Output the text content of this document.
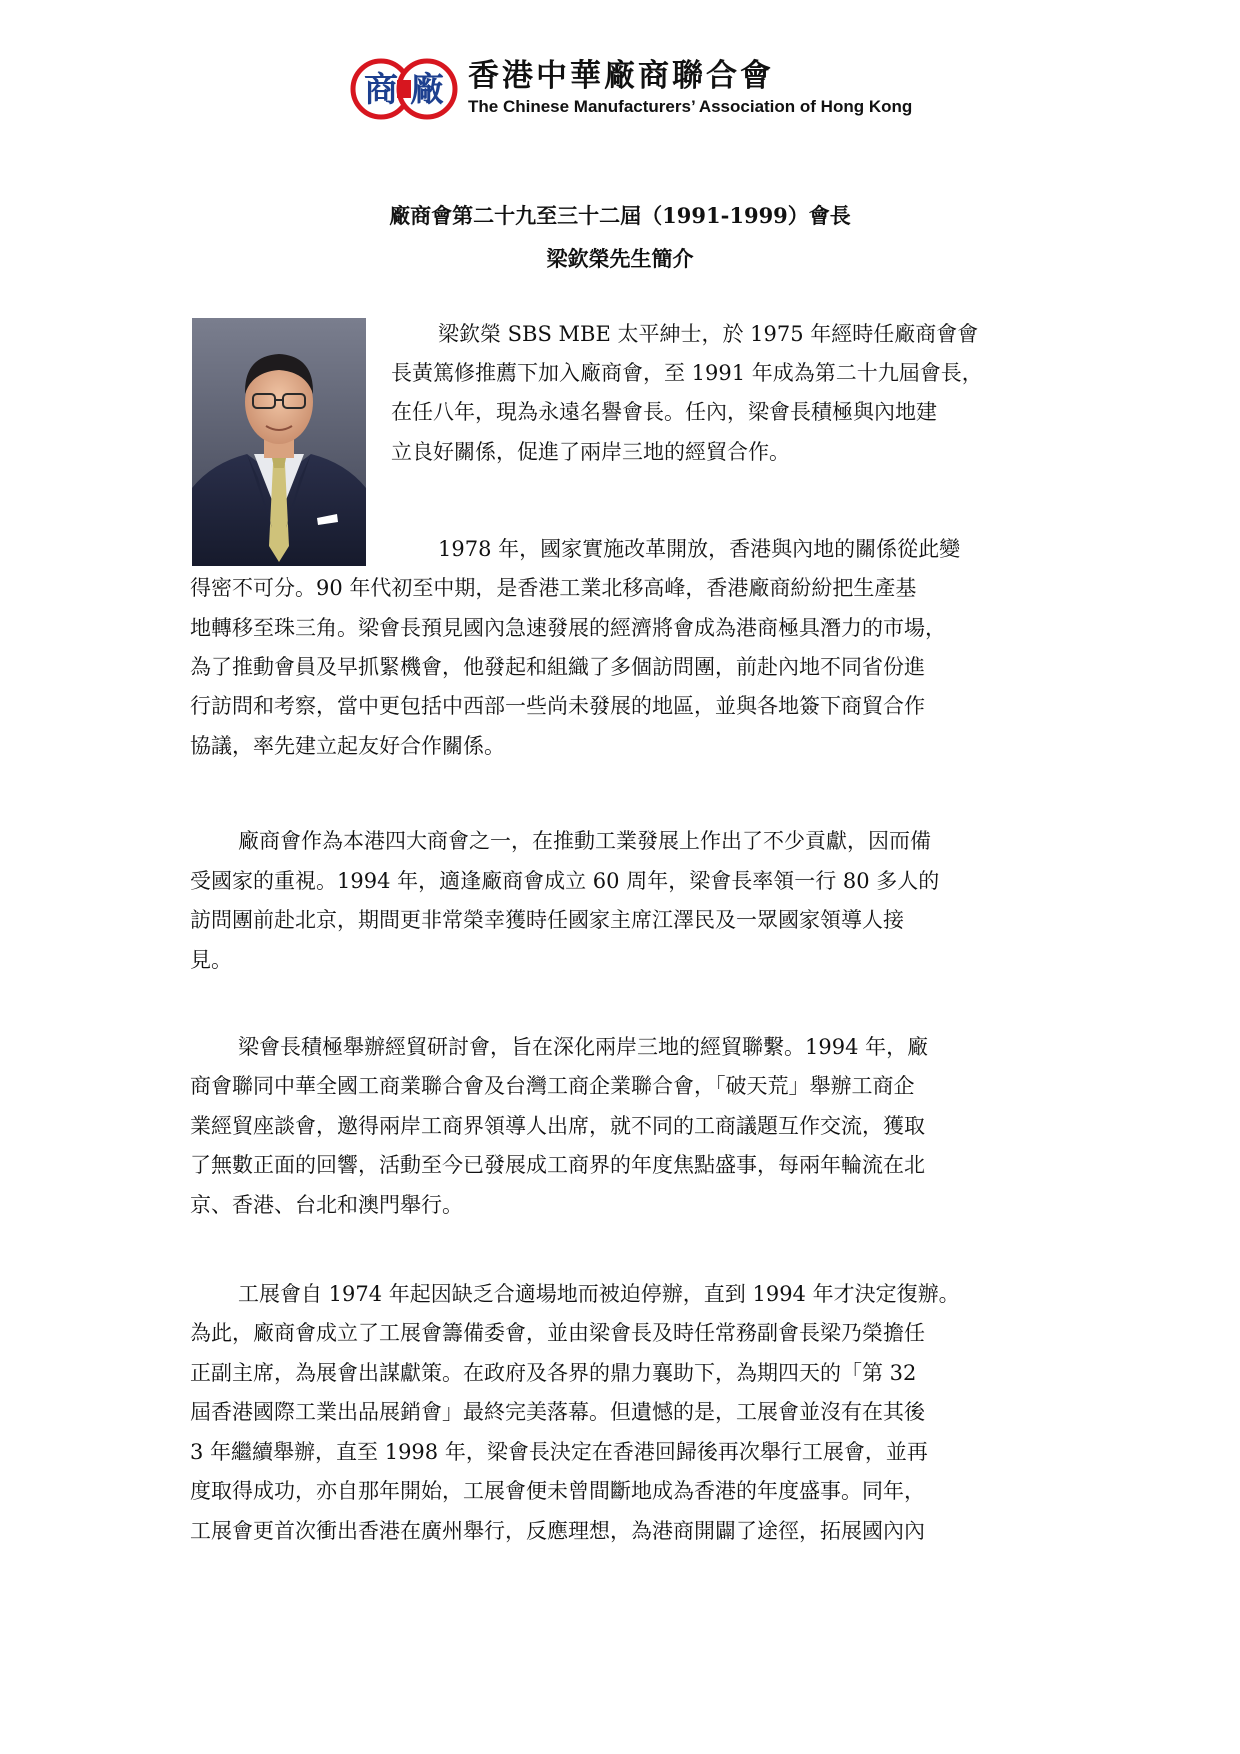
商 廠 香港中華廠商聯合會
The Chinese Manufacturers’ Association of Hong Kong
廠商會第二十九至三十二屆（1991-1999）會長
梁欽榮先生簡介
梁欽榮 SBS MBE 太平紳士，於 1975 年經時任廠商會會
長黃篤修推薦下加入廠商會，至 1991 年成為第二十九屆會長，
在任八年，現為永遠名譽會長。任內，梁會長積極與內地建
立良好關係，促進了兩岸三地的經貿合作。
1978 年，國家實施改革開放，香港與內地的關係從此變
得密不可分。90 年代初至中期，是香港工業北移高峰，香港廠商紛紛把生產基
地轉移至珠三角。梁會長預見國內急速發展的經濟將會成為港商極具潛力的市場，
為了推動會員及早抓緊機會，他發起和組織了多個訪問團，前赴內地不同省份進
行訪問和考察，當中更包括中西部一些尚未發展的地區，並與各地簽下商貿合作
協議，率先建立起友好合作關係。
廠商會作為本港四大商會之一，在推動工業發展上作出了不少貢獻，因而備
受國家的重視。1994 年，適逢廠商會成立 60 周年，梁會長率領一行 80 多人的
訪問團前赴北京，期間更非常榮幸獲時任國家主席江澤民及一眾國家領導人接
見。
梁會長積極舉辦經貿研討會，旨在深化兩岸三地的經貿聯繫。1994 年，廠
商會聯同中華全國工商業聯合會及台灣工商企業聯合會，「破天荒」舉辦工商企
業經貿座談會，邀得兩岸工商界領導人出席，就不同的工商議題互作交流，獲取
了無數正面的回響，活動至今已發展成工商界的年度焦點盛事，每兩年輪流在北
京、香港、台北和澳門舉行。
工展會自 1974 年起因缺乏合適場地而被迫停辦，直到 1994 年才決定復辦。
為此，廠商會成立了工展會籌備委會，並由梁會長及時任常務副會長梁乃榮擔任
正副主席，為展會出謀獻策。在政府及各界的鼎力襄助下，為期四天的「第 32
屆香港國際工業出品展銷會」最終完美落幕。但遺憾的是，工展會並沒有在其後
3 年繼續舉辦，直至 1998 年，梁會長決定在香港回歸後再次舉行工展會，並再
度取得成功，亦自那年開始，工展會便未曾間斷地成為香港的年度盛事。同年，
工展會更首次衝出香港在廣州舉行，反應理想，為港商開闢了途徑，拓展國內內
